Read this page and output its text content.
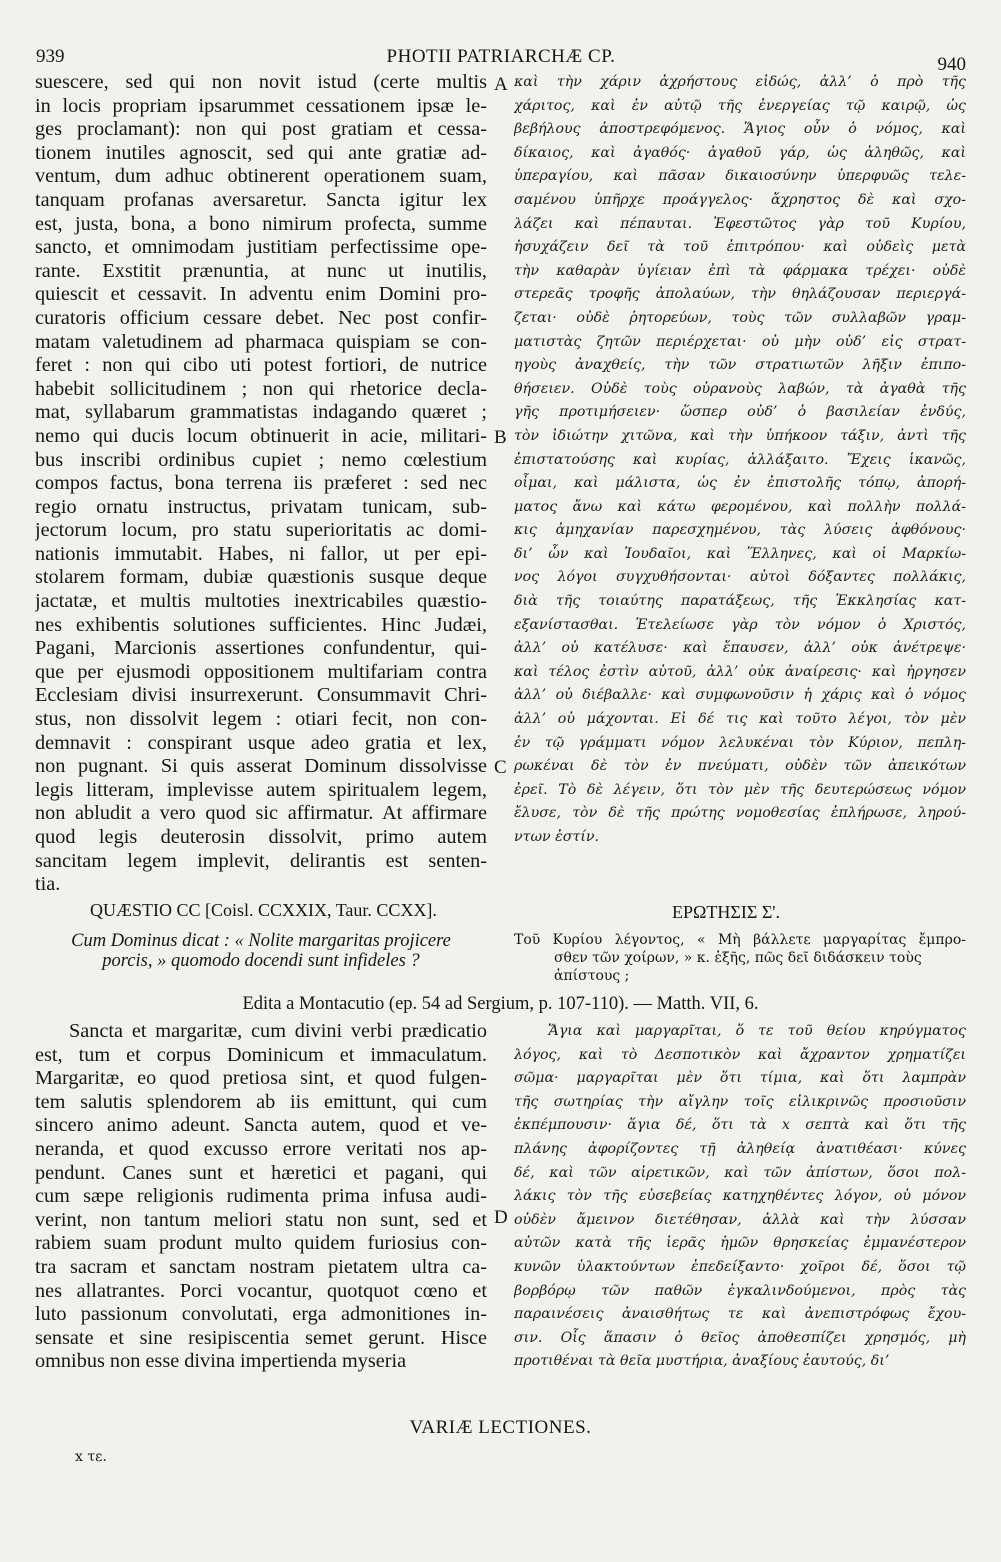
939	PHOTII PATRIARCHÆ CP.	940
suescere, sed qui non novit istud (certe multis
in locis propriam ipsarummet cessationem ipsæ le-
ges proclamant): non qui post gratiam et cessa-
tionem inutiles agnoscit, sed qui ante gratiæ ad-
ventum, dum adhuc obtinerent operationem suam,
tanquam profanas aversaretur. Sancta igitur lex
est, justa, bona, a bono nimirum profecta, summe
sancto, et omnimodam justitiam perfectissime ope-
rante. Exstitit prænuntia, at nunc ut inutilis,
quiescit et cessavit. In adventu enim Domini pro-
curatoris officium cessare debet. Nec post confir-
matam valetudinem ad pharmaca quispiam se con-
feret : non qui cibo uti potest fortiori, de nutrice
habebit sollicitudinem ; non qui rhetorice decla-
mat, syllabarum grammatistas indagando quæret ;
nemo qui ducis locum obtinuerit in acie, militari-
bus inscribi ordinibus cupiet ; nemo cœlestium
compos factus, bona terrena iis præferet : sed nec
regio ornatu instructus, privatam tunicam, sub-
jectorum locum, pro statu superioritatis ac domi-
nationis immutabit. Habes, ni fallor, ut per epi-
stolarem formam, dubiæ quæstionis susque deque
jactatæ, et multis multoties inextricabiles quæstio-
nes exhibentis solutiones sufficientes. Hinc Judæi,
Pagani, Marcionis assertiones confundentur, qui-
que per ejusmodi oppositionem multifariam contra
Ecclesiam divisi insurrexerunt. Consummavit Chri-
stus, non dissolvit legem : otiari fecit, non con-
demnavit : conspirant usque adeo gratia et lex,
non pugnant. Si quis asserat Dominum dissolvisse
legis litteram, implevisse autem spiritualem legem,
non abludit a vero quod sic affirmatur. At affirmare
quod legis deuterosin dissolvit, primo autem
sancitam legem implevit, delirantis est senten-
tia.
καὶ τὴν χάριν ἀχρήστους εἰδώς, ἀλλ’ ὁ πρὸ τῆς
χάριτος, καὶ ἐν αὐτῷ τῆς ἐνεργείας τῷ καιρῷ, ὡς
βεβήλους ἀποστρεφόμενος. Ἅγιος οὖν ὁ νόμος, καὶ
δίκαιος, καὶ ἀγαθός· ἀγαθοῦ γάρ, ὡς ἀληθῶς, καὶ
ὑπεραγίου, καὶ πᾶσαν δικαιοσύνην ὑπερφυῶς τελε-
σαμένου ὑπῆρχε προάγγελος· ἄχρηστος δὲ καὶ σχο-
λάζει καὶ πέπαυται. Ἐφεστῶτος γὰρ τοῦ Κυρίου,
ἡσυχάζειν δεῖ τὰ τοῦ ἐπιτρόπου· καὶ οὐδεὶς μετὰ
τὴν καθαρὰν ὑγίειαν ἐπὶ τὰ φάρμακα τρέχει· οὐδὲ
στερεᾶς τροφῆς ἀπολαύων, τὴν θηλάζουσαν περιεργά-
ζεται· οὐδὲ ῥητορεύων, τοὺς τῶν συλλαβῶν γραμ-
ματιστὰς ζητῶν περιέρχεται· οὐ μὴν οὐδ’ εἰς στρατ-
ηγοὺς ἀναχθείς, τὴν τῶν στρατιωτῶν λῆξιν ἐπιπο-
θήσειεν. Οὐδὲ τοὺς οὐρανοὺς λαβών, τὰ ἀγαθὰ τῆς
γῆς προτιμήσειεν· ὥσπερ οὐδ’ ὁ βασιλείαν ἐνδύς,
τὸν ἰδιώτην χιτῶνα, καὶ τὴν ὑπήκοον τάξιν, ἀντὶ τῆς
ἐπιστατούσης καὶ κυρίας, ἀλλάξαιτο. Ἔχεις ἱκανῶς,
οἶμαι, καὶ μάλιστα, ὡς ἐν ἐπιστολῆς τόπῳ, ἀπορή-
ματος ἄνω καὶ κάτω φερομένου, καὶ πολλὴν πολλά-
κις ἀμηχανίαν παρεσχημένου, τὰς λύσεις ἀφθόνους·
δι’ ὧν καὶ Ἰουδαῖοι, καὶ Ἕλληνες, καὶ οἱ Μαρκίω-
νος λόγοι συγχυθήσονται· αὐτοὶ δόξαντες πολλάκις,
διὰ τῆς τοιαύτης παρατάξεως, τῆς Ἐκκλησίας κατ-
εξανίστασθαι. Ἐτελείωσε γὰρ τὸν νόμον ὁ Χριστός,
ἀλλ’ οὐ κατέλυσε· καὶ ἔπαυσεν, ἀλλ’ οὐκ ἀνέτρεψε·
καὶ τέλος ἐστὶν αὐτοῦ, ἀλλ’ οὐκ ἀναίρεσις· καὶ ἠργησεν
ἀλλ’ οὐ διέβαλλε· καὶ συμφωνοῦσιν ἡ χάρις καὶ ὁ νόμος
ἀλλ’ οὐ μάχονται. Εἰ δέ τις καὶ τοῦτο λέγοι, τὸν μὲν
ἐν τῷ γράμματι νόμον λελυκέναι τὸν Κύριον, πεπλη-
ρωκέναι δὲ τὸν ἐν πνεύματι, οὐδὲν τῶν ἀπεικότων
ἐρεῖ. Τὸ δὲ λέγειν, ὅτι τὸν μὲν τῆς δευτερώσεως νόμον
ἔλυσε, τὸν δὲ τῆς πρώτης νομοθεσίας ἐπλήρωσε, ληρού-
ντων ἐστίν.
A
B
C
D
QUÆSTIO CC [Coisl. CCXXIX, Taur. CCXX].
Cum Dominus dicat : « Nolite margaritas projicere
porcis, » quomodo docendi sunt infideles ?
ΕΡΩΤΗΣΙΣ Σ'.
Τοῦ Κυρίου λέγοντος, « Μὴ βάλλετε μαργαρίτας ἔμπρο-
σθεν τῶν χοίρων, » κ. ἑξῆς, πῶς δεῖ διδάσκειν τοὺς
ἀπίστους ;
Edita a Montacutio (ep. 54 ad Sergium, p. 107-110). — Matth. VII, 6.
Sancta et margaritæ, cum divini verbi prædicatio
est, tum et corpus Dominicum et immaculatum.
Margaritæ, eo quod pretiosa sint, et quod fulgen-
tem salutis splendorem ab iis emittunt, qui cum
sincero animo adeunt. Sancta autem, quod et ve-
neranda, et quod excusso errore veritati nos ap-
pendunt. Canes sunt et hæretici et pagani, qui
cum sæpe religionis rudimenta prima infusa audi-
verint, non tantum meliori statu non sunt, sed et
rabiem suam produnt multo quidem furiosius con-
tra sacram et sanctam nostram pietatem ultra ca-
nes allatrantes. Porci vocantur, quotquot cœno et
luto passionum convolutati, erga admonitiones in-
sensate et sine resipiscentia semet gerunt. Hisce
omnibus non esse divina impertienda myseria
Ἅγια καὶ μαργαρῖται, ὅ τε τοῦ θείου κηρύγματος
λόγος, καὶ τὸ Δεσποτικὸν καὶ ἄχραντον χρηματίζει
σῶμα· μαργαρῖται μὲν ὅτι τίμια, καὶ ὅτι λαμπρὰν
τῆς σωτηρίας τὴν αἴγλην τοῖς εἰλικρινῶς προσιοῦσιν
ἐκπέμπουσιν· ἅγια δέ, ὅτι τὰ x σεπτὰ καὶ ὅτι τῆς
πλάνης ἀφορίζοντες τῇ ἀληθείᾳ ἀνατιθέασι· κύνες
δέ, καὶ τῶν αἱρετικῶν, καὶ τῶν ἀπίστων, ὅσοι πολ-
λάκις τὸν τῆς εὐσεβείας κατηχηθέντες λόγον, οὐ μόνον
οὐδὲν ἄμεινον διετέθησαν, ἀλλὰ καὶ τὴν λύσσαν
αὐτῶν κατὰ τῆς ἱερᾶς ἡμῶν θρησκείας ἐμμανέστερον
κυνῶν ὑλακτούντων ἐπεδείξαντο· χοῖροι δέ, ὅσοι τῷ
βορβόρῳ τῶν παθῶν ἐγκαλινδούμενοι, πρὸς τὰς
παραινέσεις ἀναισθήτως τε καὶ ἀνεπιστρόφως ἔχου-
σιν. Οἷς ἅπασιν ὁ θεῖος ἀποθεσπίζει χρησμός, μὴ
προτιθέναι τὰ θεῖα μυστήρια, ἀναξίους ἑαυτούς, δι’
VARIÆ LECTIONES.
x τε.
